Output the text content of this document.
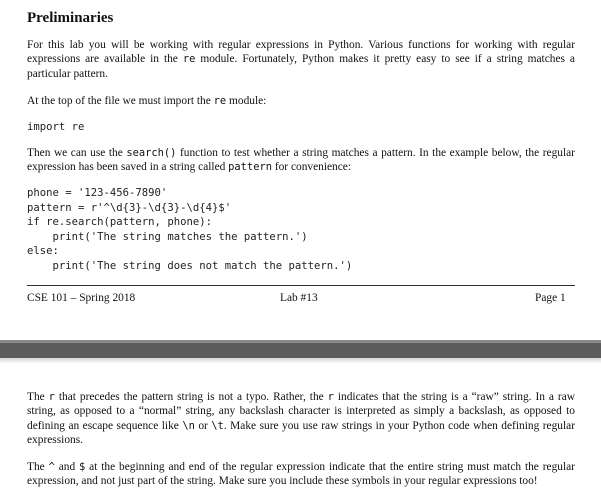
Preliminaries
For this lab you will be working with regular expressions in Python. Various functions for working with regular expressions are available in the re module. Fortunately, Python makes it pretty easy to see if a string matches a particular pattern.
At the top of the file we must import the re module:
import re
Then we can use the search() function to test whether a string matches a pattern. In the example below, the regular expression has been saved in a string called pattern for convenience:
phone = '123-456-7890'
pattern = r'^\d{3}-\d{3}-\d{4}$'
if re.search(pattern, phone):
print('The string matches the pattern.')
else:
print('The string does not match the pattern.')
CSE 101 – Spring 2018	Lab #13	Page 1
The r that precedes the pattern string is not a typo. Rather, the r indicates that the string is a “raw” string. In a raw string, as opposed to a “normal” string, any backslash character is interpreted as simply a backslash, as opposed to defining an escape sequence like \n or \t. Make sure you use raw strings in your Python code when defining regular expressions.
The ^ and $ at the beginning and end of the regular expression indicate that the entire string must match the regular expression, and not just part of the string. Make sure you include these symbols in your regular expressions too!
